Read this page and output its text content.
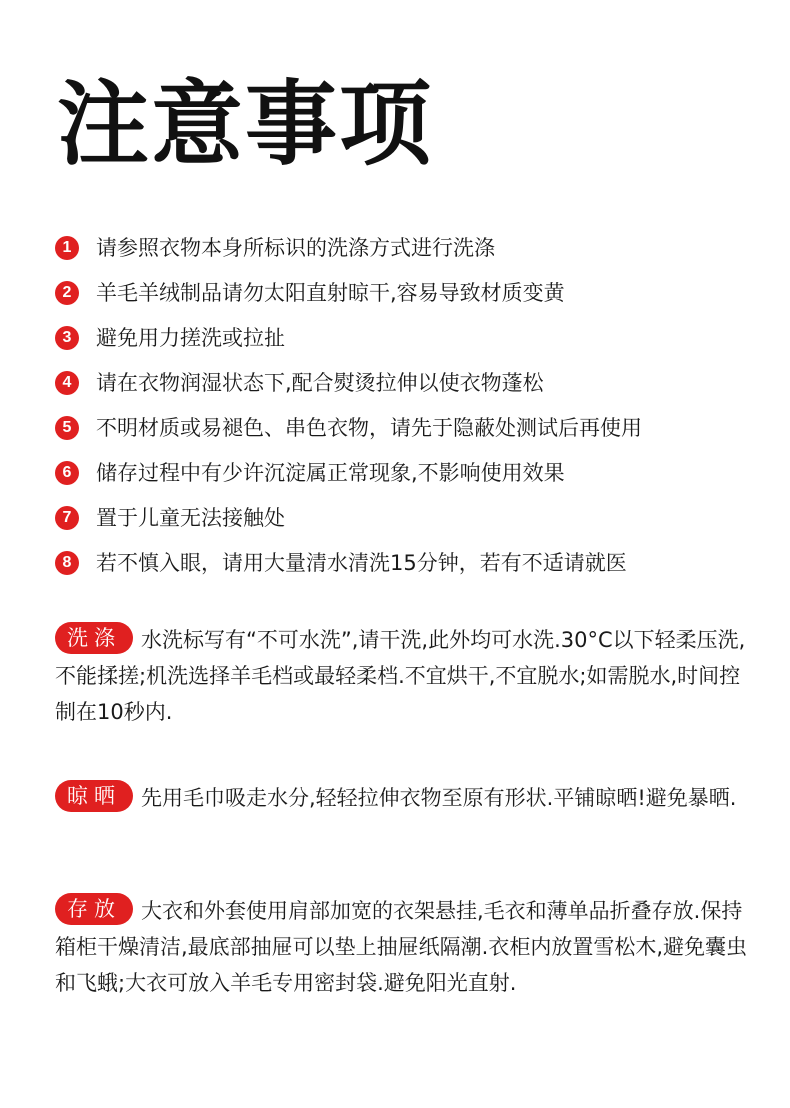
注意事项
1	请参照衣物本身所标识的洗涤方式进行洗涤
2	羊毛羊绒制品请勿太阳直射晾干,容易导致材质变黄
3	避免用力搓洗或拉扯
4	请在衣物润湿状态下,配合熨烫拉伸以使衣物蓬松
5	不明材质或易褪色、串色衣物，请先于隐蔽处测试后再使用
6	储存过程中有少许沉淀属正常现象,不影响使用效果
7	置于儿童无法接触处
8	若不慎入眼，请用大量清水清洗15分钟，若有不适请就医
洗涤 水洗标写有“不可水洗”,请干洗,此外均可水洗.30°C以下轻柔压洗,不能揉搓;机洗选择羊毛档或最轻柔档.不宜烘干,不宜脱水;如需脱水,时间控制在10秒内.
晾晒 先用毛巾吸走水分,轻轻拉伸衣物至原有形状.平铺晾晒!避免暴晒.
存放 大衣和外套使用肩部加宽的衣架悬挂,毛衣和薄单品折叠存放.保持箱柜干燥清洁,最底部抽屉可以垫上抽屉纸隔潮.衣柜内放置雪松木,避免囊虫和飞蛾;大衣可放入羊毛专用密封袋.避免阳光直射.
